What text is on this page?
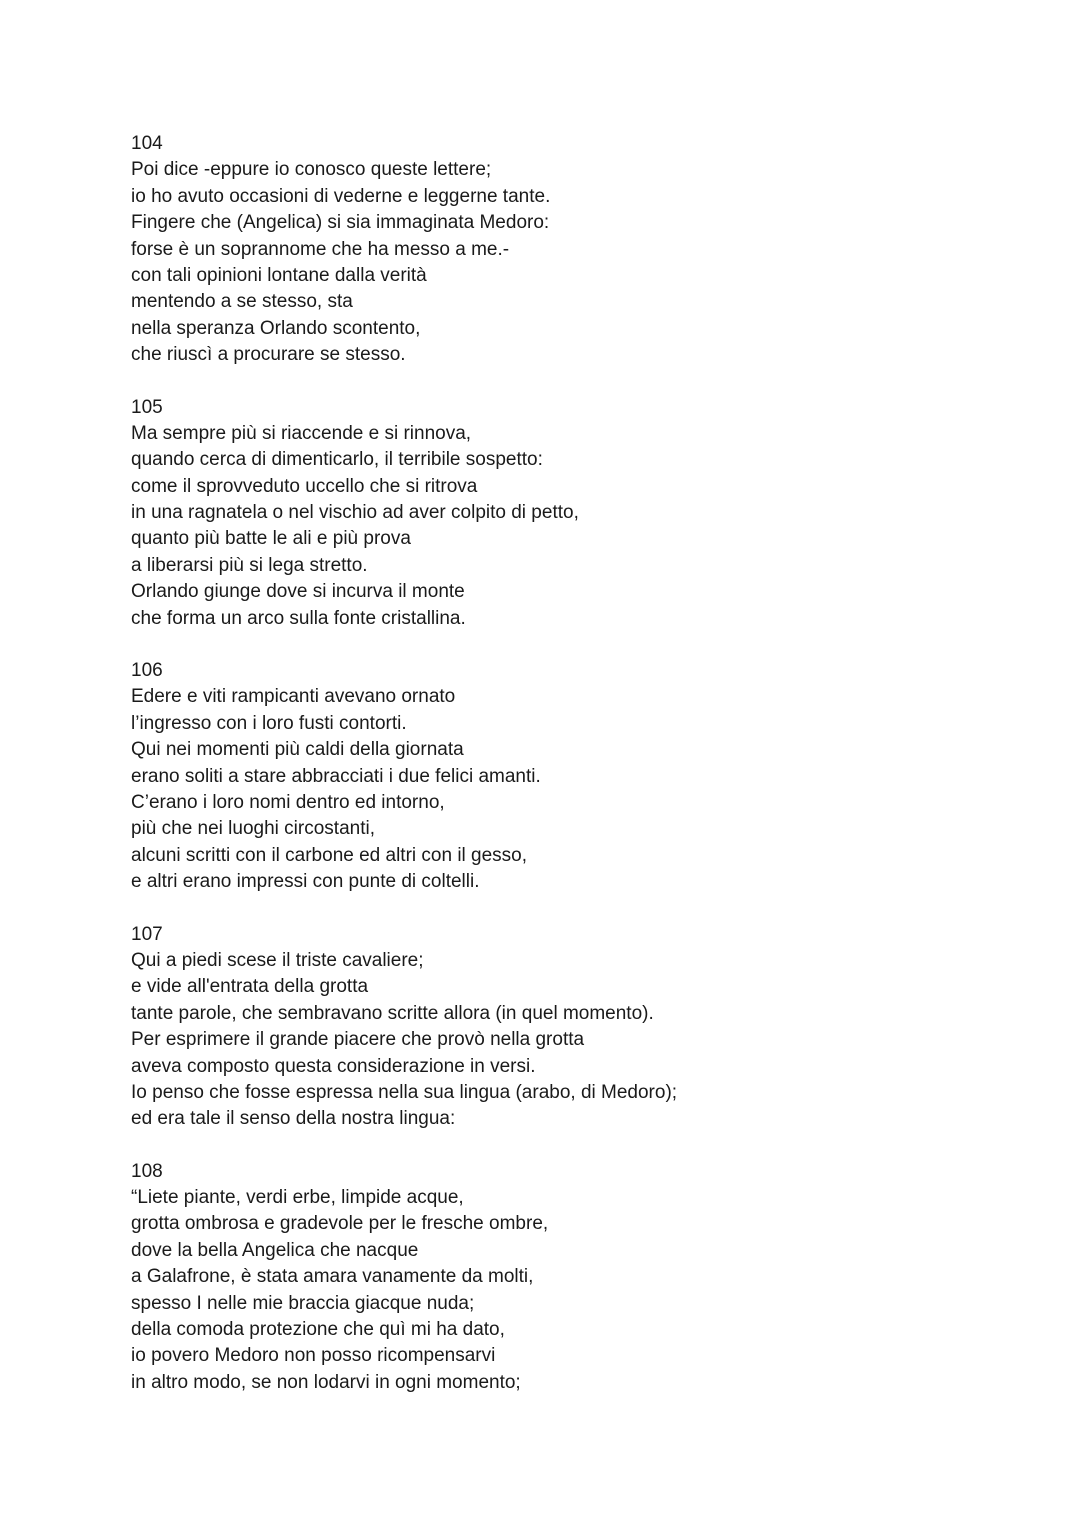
104
Poi dice -eppure io conosco queste lettere;
io ho avuto occasioni di vederne e leggerne tante.
Fingere che (Angelica) si sia immaginata Medoro:
forse è un soprannome che ha messo a me.-
con tali opinioni lontane dalla verità
mentendo a se stesso, sta
nella speranza Orlando scontento,
che riuscì a procurare se stesso.
105
Ma sempre più si riaccende e si rinnova,
quando cerca di dimenticarlo, il terribile sospetto:
come il sprovveduto uccello che si ritrova
in una ragnatela o nel vischio ad aver colpito di petto,
quanto più batte le ali e più prova
a liberarsi più si lega stretto.
Orlando giunge dove si incurva il monte
che forma un arco sulla fonte cristallina.
106
Edere e viti rampicanti avevano ornato
l’ingresso con i loro fusti contorti.
Qui nei momenti più caldi della giornata
erano soliti a stare abbracciati i due felici amanti.
C’erano i loro nomi dentro ed intorno,
più che nei luoghi circostanti,
alcuni scritti con il carbone ed altri con il gesso,
e altri erano impressi con punte di coltelli.
107
Qui a piedi scese il triste cavaliere;
e vide all'entrata della grotta
tante parole, che sembravano scritte allora (in quel momento).
Per esprimere il grande piacere che provò nella grotta
aveva composto questa considerazione in versi.
Io penso che fosse espressa nella sua lingua (arabo, di Medoro);
ed era tale il senso della nostra lingua:
108
“Liete piante, verdi erbe, limpide acque,
grotta ombrosa e gradevole per le fresche ombre,
dove la bella Angelica che nacque
a Galafrone, è stata amara vanamente da molti,
spesso I nelle mie braccia giacque nuda;
della comoda protezione che quì mi ha dato,
io povero Medoro non posso ricompensarvi
in altro modo, se non lodarvi in ogni momento;
